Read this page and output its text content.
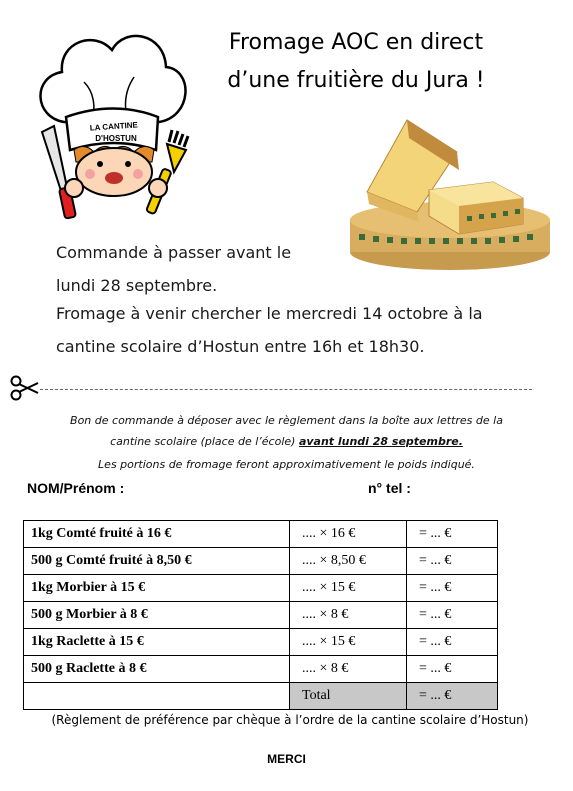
LA CANTINE
D'HOSTUN
Fromage AOC en direct
d’une fruitière du Jura !
Commande à passer avant le
lundi 28 septembre.
Fromage à venir chercher le mercredi 14 octobre à la
cantine scolaire d’Hostun entre 16h et 18h30.
Bon de commande à déposer avec le règlement dans la boîte aux lettres de la
cantine scolaire (place de l’école) avant lundi 28 septembre.
Les portions de fromage feront approximativement le poids indiqué.
NOM/Prénom :	n° tel :
1kg Comté fruité à 16 €	.... × 16 €	= ... €
500 g Comté fruité à 8,50 €	.... × 8,50 €	= ... €
1kg Morbier à 15 €	.... × 15 €	= ... €
500 g Morbier à 8 €	.... × 8 €	= ... €
1kg Raclette à 15 €	.... × 15 €	= ... €
500 g Raclette à 8 €	.... × 8 €	= ... €
	Total	= ... €
(Règlement de préférence par chèque à l’ordre de la cantine scolaire d’Hostun)
MERCI
